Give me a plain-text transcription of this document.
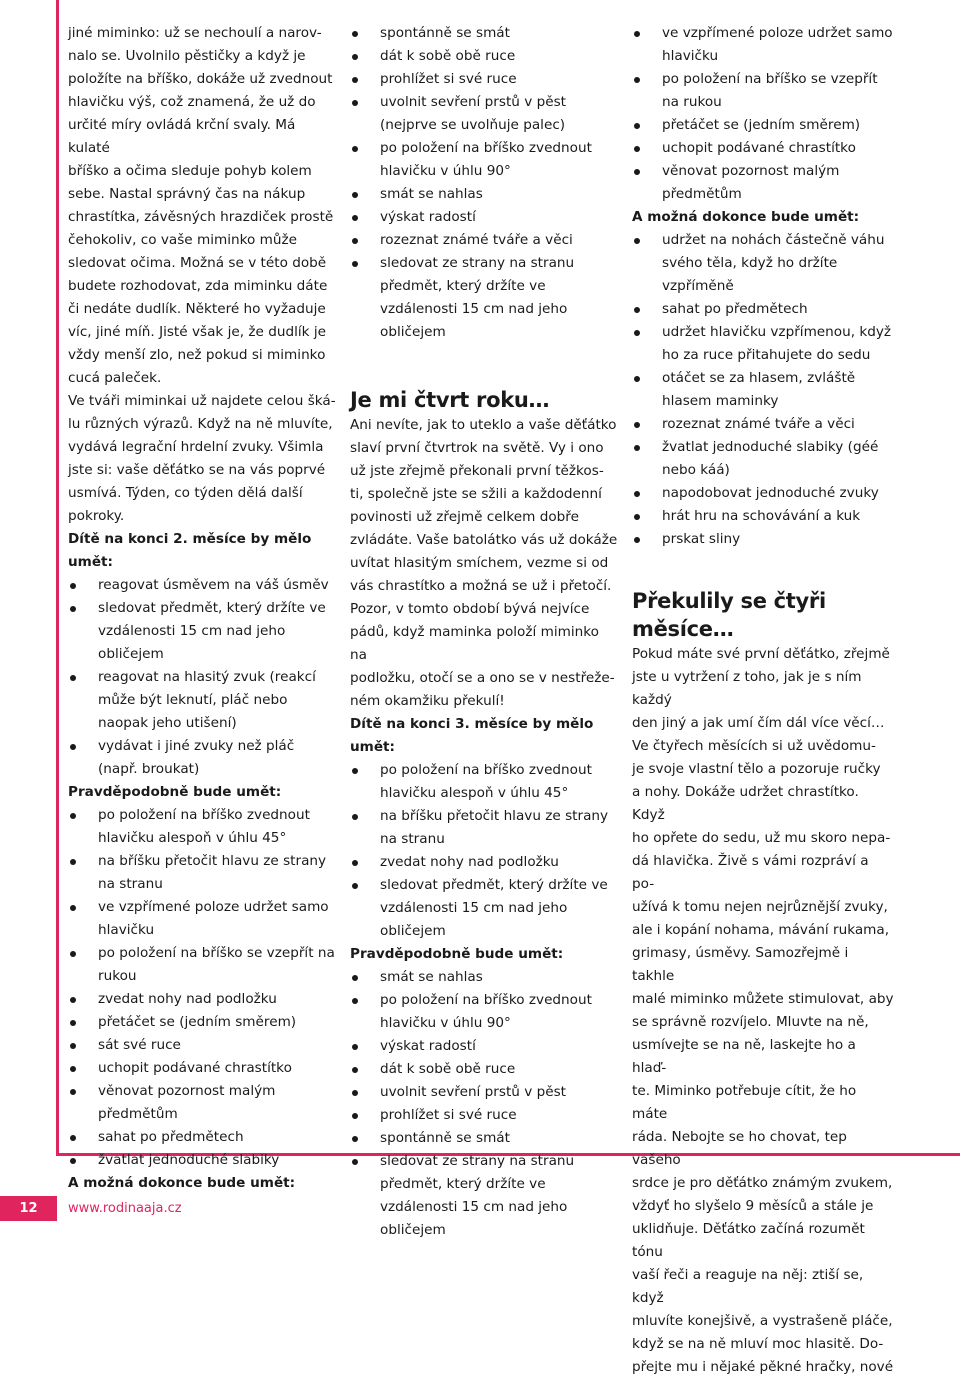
jiné miminko: už se nechoulí a narov-

nalo se. Uvolnilo pěstičky a když je

položíte na bříško, dokáže už zvednout

hlavičku výš, což znamená, že už do

určité míry ovládá krční svaly. Má kulaté

bříško a očima sleduje pohyb kolem

sebe. Nastal správný čas na nákup

chrastítka, závěsných hrazdiček prostě

čehokoliv, co vaše miminko může

sledovat očima. Možná se v této době

budete rozhodovat, zda miminku dáte

či nedáte dudlík. Některé ho vyžaduje

víc, jiné míň. Jisté však je, že dudlík je

vždy menší zlo, než pokud si miminko

cucá paleček.

Ve tváři miminkai už najdete celou šká-

lu různých výrazů. Když na ně mluvíte,

vydává legrační hrdelní zvuky. Všimla

jste si: vaše děťátko se na vás poprvé

usmívá. Týden, co týden dělá další

pokroky.

Dítě na konci 2. měsíce by mělo umět:

reagovat úsměvem na váš úsměv
sledovat předmět, který držíte ve vzdálenosti 15 cm nad jeho obličejem
reagovat na hlasitý zvuk (reakcí může být leknutí, pláč nebo naopak jeho utišení)
vydávat i jiné zvuky než pláč (např. broukat)

Pravděpodobně bude umět:

po položení na bříško zvednout hlavičku alespoň v úhlu 45°
na bříšku přetočit hlavu ze strany na stranu
ve vzpřímené poloze udržet samo hlavičku
po položení na bříško se vzepřít na rukou
zvedat nohy nad podložku
přetáčet se (jedním směrem)
sát své ruce
uchopit podávané chrastítko
věnovat pozornost malým předmětům
sahat po předmětech
žvatlat jednoduché slabiky

A možná dokonce bude umět:

spontánně se smát
dát k sobě obě ruce
prohlížet si své ruce
uvolnit sevření prstů v pěst (nejprve se uvolňuje palec)
po položení na bříško zvednout hlavičku v úhlu 90°
smát se nahlas
výskat radostí
rozeznat známé tváře a věci
sledovat ze strany na stranu předmět, který držíte ve vzdálenosti 15 cm nad jeho obličejem
Je mi čtvrt roku…

Ani nevíte, jak to uteklo a vaše děťátko

slaví první čtvrtrok na světě. Vy i ono

už jste zřejmě překonali první těžkos-

ti, společně jste se sžili a každodenní

povinosti už zřejmě celkem dobře

zvládáte. Vaše batolátko vás už dokáže

uvítat hlasitým smíchem, vezme si od

vás chrastítko a možná se už i přetočí.

Pozor, v tomto období bývá nejvíce

pádů, když maminka položí miminko na

podložku, otočí se a ono se v nestřeže-

ném okamžiku překulí!

Dítě na konci 3. měsíce by mělo umět:

po položení na bříško zvednout hlavičku alespoň v úhlu 45°
na bříšku přetočit hlavu ze strany na stranu
zvedat nohy nad podložku
sledovat předmět, který držíte ve vzdálenosti 15 cm nad jeho obličejem

Pravděpodobně bude umět:

smát se nahlas
po položení na bříško zvednout hlavičku v úhlu 90°
výskat radostí
dát k sobě obě ruce
uvolnit sevření prstů v pěst
prohlížet si své ruce
spontánně se smát
sledovat ze strany na stranu předmět, který držíte ve vzdálenosti 15 cm nad jeho obličejem
ve vzpřímené poloze udržet samo hlavičku
po položení na bříško se vzepřít na rukou
přetáčet se (jedním směrem)
uchopit podávané chrastítko
věnovat pozornost malým předmětům

A možná dokonce bude umět:

udržet na nohách částečně váhu svého těla, když ho držíte vzpříměně
sahat po předmětech
udržet hlavičku vzpřímenou, když ho za ruce přitahujete do sedu
otáčet se za hlasem, zvláště hlasem maminky
rozeznat známé tváře a věci
žvatlat jednoduché slabiky (géé nebo káá)
napodobovat jednoduché zvuky
hrát hru na schovávání a kuk
prskat sliny
Překulily se čtyři měsíce…

Pokud máte své první děťátko, zřejmě

jste u vytržení z toho, jak je s ním každý

den jiný a jak umí čím dál více věcí…

Ve čtyřech měsících si už uvědomu-

je svoje vlastní tělo a pozoruje ručky

a nohy. Dokáže udržet chrastítko. Když

ho opřete do sedu, už mu skoro nepa-

dá hlavička. Živě s vámi rozpráví a po-

užívá k tomu nejen nejrůznější zvuky,

ale i kopání nohama, mávání rukama,

grimasy, úsměvy. Samozřejmě i takhle

malé miminko můžete stimulovat, aby

se správně rozvíjelo. Mluvte na ně,

usmívejte se na ně, laskejte ho a hlaď-

te. Miminko potřebuje cítit, že ho máte

ráda. Nebojte se ho chovat, tep vašeho

srdce je pro děťátko známým zvukem,

vždyť ho slyšelo 9 měsíců a stále je

uklidňuje. Děťátko začíná rozumět tónu

vaší řeči a reaguje na něj: ztiší se, když

mluvíte konejšivě, a vystrašeně pláče,

když se na ně mluví moc hlasitě. Do-

přejte mu i nějaké pěkné hračky, nové

12	www.rodinaaja.cz
